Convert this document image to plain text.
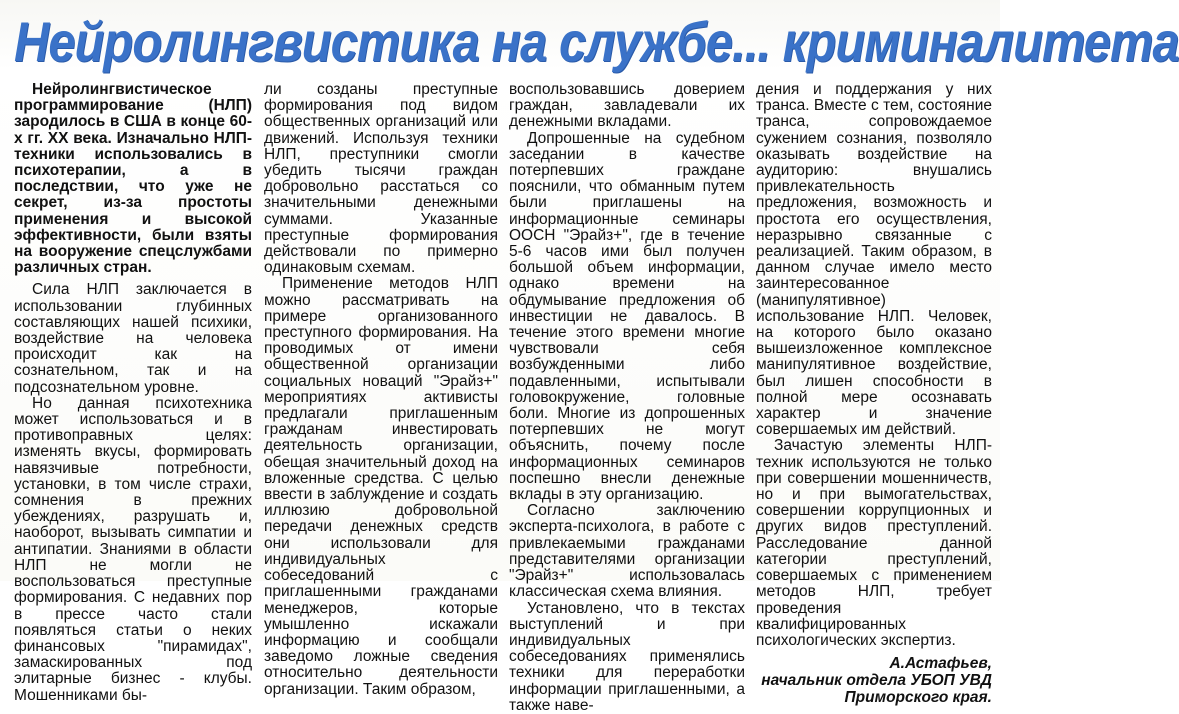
Нейролингвистика на службе... криминалитета

Нейролингвистическое программирование (НЛП) зародилось в США в конце 60-х гг. XX века. Изначально НЛП-техники использовались в психотерапии, а в последствии, что уже не секрет, из-за простоты применения и высокой эффективности, были взяты на вооружение спецслужбами различных стран.

Сила НЛП заключается в использовании глубинных составляющих нашей психики, воздействие на человека происходит как на сознательном, так и на подсознательном уровне.

Но данная психотехника может использоваться и в противоправных целях: изменять вкусы, формировать навязчивые потребности, установки, в том числе страхи, сомнения в прежних убеждениях, разрушать и, наоборот, вызывать симпатии и антипатии. Знаниями в области НЛП не могли не воспользоваться преступные формирования. С недавних пор в прессе часто стали появляться статьи о неких финансовых "пирамидах", замаскированных под элитарные бизнес - клубы. Мошенниками бы-

ли созданы преступные формирования под видом общественных организаций или движений. Используя техники НЛП, преступники смогли убедить тысячи граждан добровольно расстаться со значительными денежными суммами. Указанные преступные формирования действовали по примерно одинаковым схемам.

Применение методов НЛП можно рассматривать на примере организованного преступного формирования. На проводимых от имени общественной организации социальных новаций "Эрайз+" мероприятиях активисты предлагали приглашенным гражданам инвестировать деятельность организации, обещая значительный доход на вложенные средства. С целью ввести в заблуждение и создать иллюзию добровольной передачи денежных средств они использовали для индивидуальных собеседований с приглашенными гражданами менеджеров, которые умышленно искажали информацию и сообщали заведомо ложные сведения относительно деятельности организации. Таким образом,

воспользовавшись доверием граждан, завладевали их денежными вкладами.

Допрошенные на судебном заседании в качестве потерпевших граждане пояснили, что обманным путем были приглашены на информационные семинары ООСН "Эрайз+", где в течение 5-6 часов ими был получен большой объем информации, однако времени на обдумывание предложения об инвестиции не давалось. В течение этого времени многие чувствовали себя возбужденными либо подавленными, испытывали головокружение, головные боли. Многие из допрошенных потерпевших не могут объяснить, почему после информационных семинаров поспешно внесли денежные вклады в эту организацию.

Согласно заключению эксперта-психолога, в работе с привлекаемыми гражданами представителями организации "Эрайз+" использовалась классическая схема влияния.

Установлено, что в текстах выступлений и при индивидуальных собеседованиях применялись техники для переработки информации приглашенными, а также наве-

дения и поддержания у них транса. Вместе с тем, состояние транса, сопровождаемое сужением сознания, позволяло оказывать воздействие на аудиторию: внушались привлекательность предложения, возможность и простота его осуществления, неразрывно связанные с реализацией. Таким образом, в данном случае имело место заинтересованное (манипулятивное) использование НЛП. Человек, на которого было оказано вышеизложенное комплексное манипулятивное воздействие, был лишен способности в полной мере осознавать характер и значение совершаемых им действий.

Зачастую элементы НЛП-техник используются не только при совершении мошенничеств, но и при вымогательствах, совершении коррупционных и других видов преступлений. Расследование данной категории преступлений, совершаемых с применением методов НЛП, требует проведения квалифицированных психологических экспертиз.

А.Астафьев,
начальник отдела УБОП УВД
Приморского края.
